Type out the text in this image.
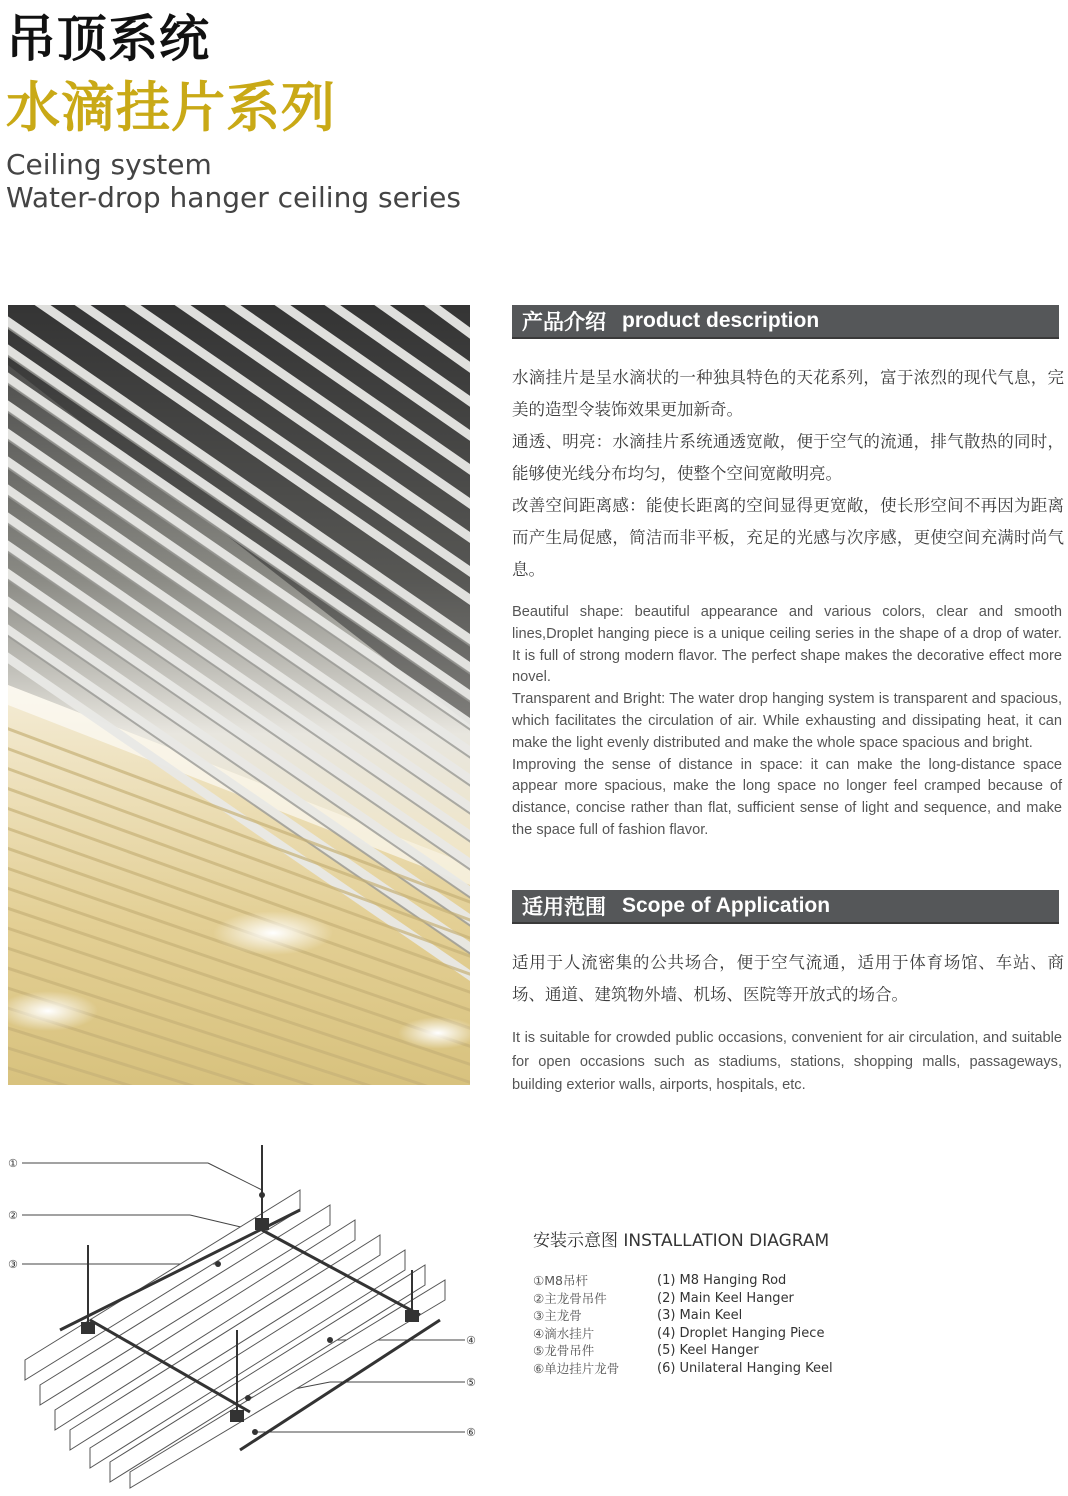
吊顶系统
水滴挂片系列
Ceiling system
Water-drop hanger ceiling series
产品介绍 product description

水滴挂片是呈水滴状的一种独具特色的天花系列，富于浓烈的现代气息，完美的造型令装饰效果更加新奇。

通透、明亮：水滴挂片系统通透宽敞，便于空气的流通，排气散热的同时，能够使光线分布均匀，使整个空间宽敞明亮。

改善空间距离感：能使长距离的空间显得更宽敞，使长形空间不再因为距离而产生局促感，简洁而非平板，充足的光感与次序感，更使空间充满时尚气息。

Beautiful shape: beautiful appearance and various colors, clear and smooth lines,Droplet hanging piece is a unique ceiling series in the shape of a drop of water. It is full of strong modern flavor. The perfect shape makes the decorative effect more novel.

Transparent and Bright: The water drop hanging system is transparent and spacious, which facilitates the circulation of air. While exhausting and dissipating heat, it can make the light evenly distributed and make the whole space spacious and bright.

Improving the sense of distance in space: it can make the long-distance space appear more spacious, make the long space no longer feel cramped because of distance, concise rather than flat, sufficient sense of light and sequence, and make the space full of fashion flavor.

适用范围 Scope of Application

适用于人流密集的公共场合，便于空气流通，适用于体育场馆、车站、商场、通道、建筑物外墙、机场、医院等开放式的场合。

It is suitable for crowded public occasions, convenient for air circulation, and suitable for open occasions such as stadiums, stations, shopping malls, passageways, building exterior walls, airports, hospitals, etc.

①
②
③
④
⑤
⑥
安装示意图 INSTALLATION DIAGRAM
①M8吊杆	(1) M8 Hanging Rod
②主龙骨吊件	(2) Main Keel Hanger
③主龙骨	(3) Main Keel
④滴水挂片	(4) Droplet Hanging Piece
⑤龙骨吊件	(5) Keel Hanger
⑥单边挂片龙骨	(6) Unilateral Hanging Keel
